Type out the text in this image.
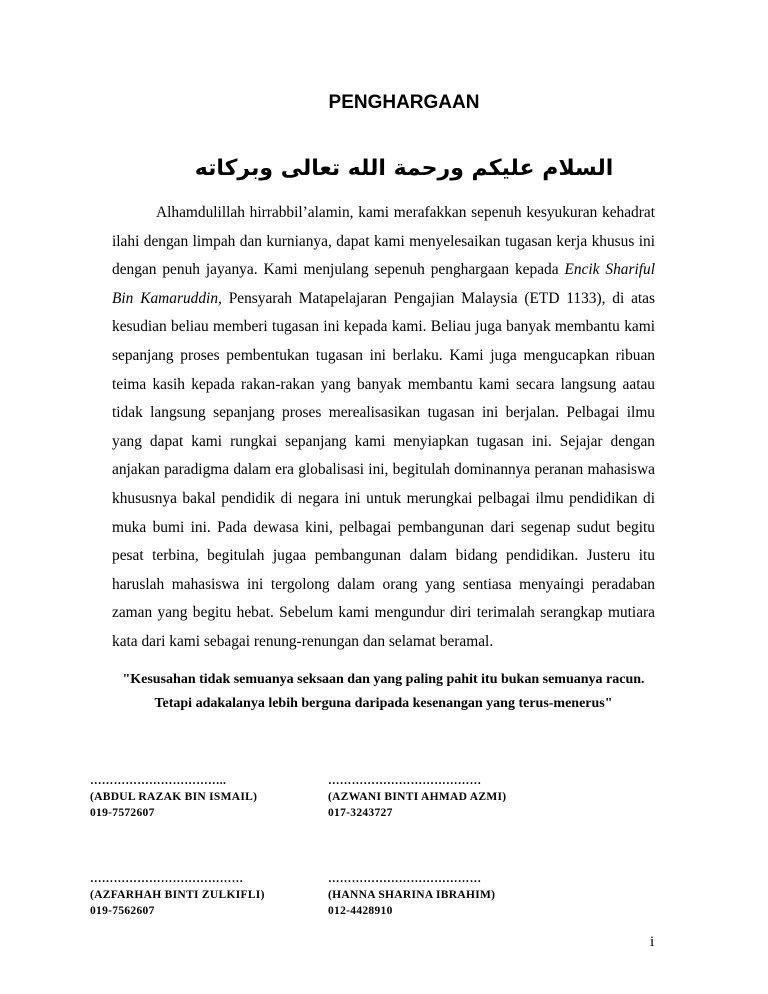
PENGHARGAAN
السلام عليكم ورحمة الله تعالى وبركاته

Alhamdulillah hirrabbil’alamin, kami merafakkan sepenuh kesyukuran kehadrat ilahi dengan limpah dan kurnianya, dapat kami menyelesaikan tugasan kerja khusus ini dengan penuh jayanya. Kami menjulang sepenuh penghargaan kepada Encik Shariful Bin Kamaruddin, Pensyarah Matapelajaran Pengajian Malaysia (ETD 1133), di atas kesudian beliau memberi tugasan ini kepada kami. Beliau juga banyak membantu kami sepanjang proses pembentukan tugasan ini berlaku. Kami juga mengucapkan ribuan teima kasih kepada rakan-rakan yang banyak membantu kami secara langsung aatau tidak langsung sepanjang proses merealisasikan tugasan ini berjalan. Pelbagai ilmu yang dapat kami rungkai sepanjang kami menyiapkan tugasan ini. Sejajar dengan anjakan paradigma dalam era globalisasi ini, begitulah dominannya peranan mahasiswa khususnya bakal pendidik di negara ini untuk merungkai pelbagai ilmu pendidikan di muka bumi ini. Pada dewasa kini, pelbagai pembangunan dari segenap sudut begitu pesat terbina, begitulah jugaa pembangunan dalam bidang pendidikan. Justeru itu haruslah mahasiswa ini tergolong dalam orang yang sentiasa menyaingi peradaban zaman yang begitu hebat. Sebelum kami mengundur diri terimalah serangkap mutiara kata dari kami sebagai renung-renungan dan selamat beramal.

"Kesusahan tidak semuanya seksaan dan yang paling pahit itu bukan semuanya racun. Tetapi adakalanya lebih berguna daripada kesenangan yang terus-menerus"

……………………………..
(ABDUL RAZAK BIN ISMAIL)
019-7572607
…………………………………
(AZWANI BINTI AHMAD AZMI)
017-3243727
…………………………………
(AZFARHAH BINTI ZULKIFLI)
019-7562607
…………………………………
(HANNA SHARINA IBRAHIM)
012-4428910
i
